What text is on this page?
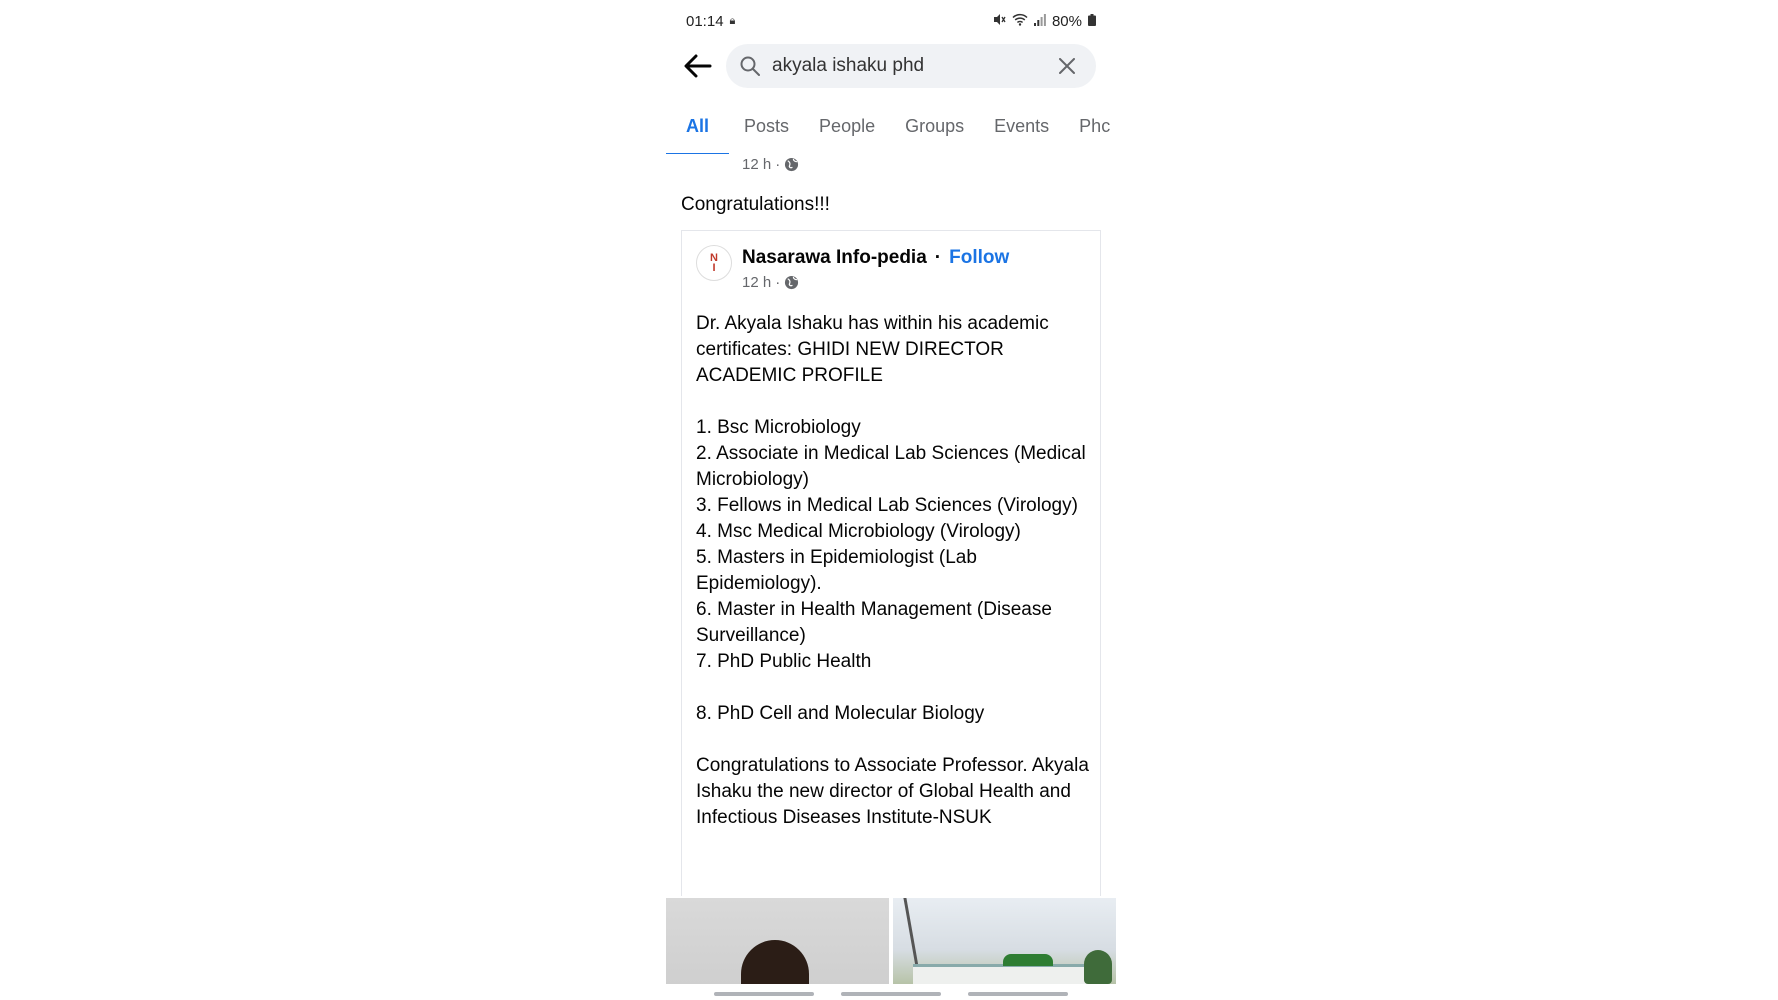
01:14 🔒︎	80%
akyala ishaku phd
All	Posts	People	Groups	Events	Phc
12 h ·
Congratulations!!!
N
I Nasarawa Info-pedia · Follow
12 h ·

Dr. Akyala Ishaku has within his academic certificates: GHIDI NEW DIRECTOR ACADEMIC PROFILE

1. Bsc Microbiology

2. Associate in Medical Lab Sciences (Medical Microbiology)

3. Fellows in Medical Lab Sciences (Virology)

4. Msc Medical Microbiology (Virology)

5. Masters in Epidemiologist (Lab Epidemiology).

6. Master in Health Management (Disease Surveillance)

7. PhD Public Health

8. PhD Cell and Molecular Biology

Congratulations to Associate Professor. Akyala Ishaku the new director of Global Health and Infectious Diseases Institute-NSUK
